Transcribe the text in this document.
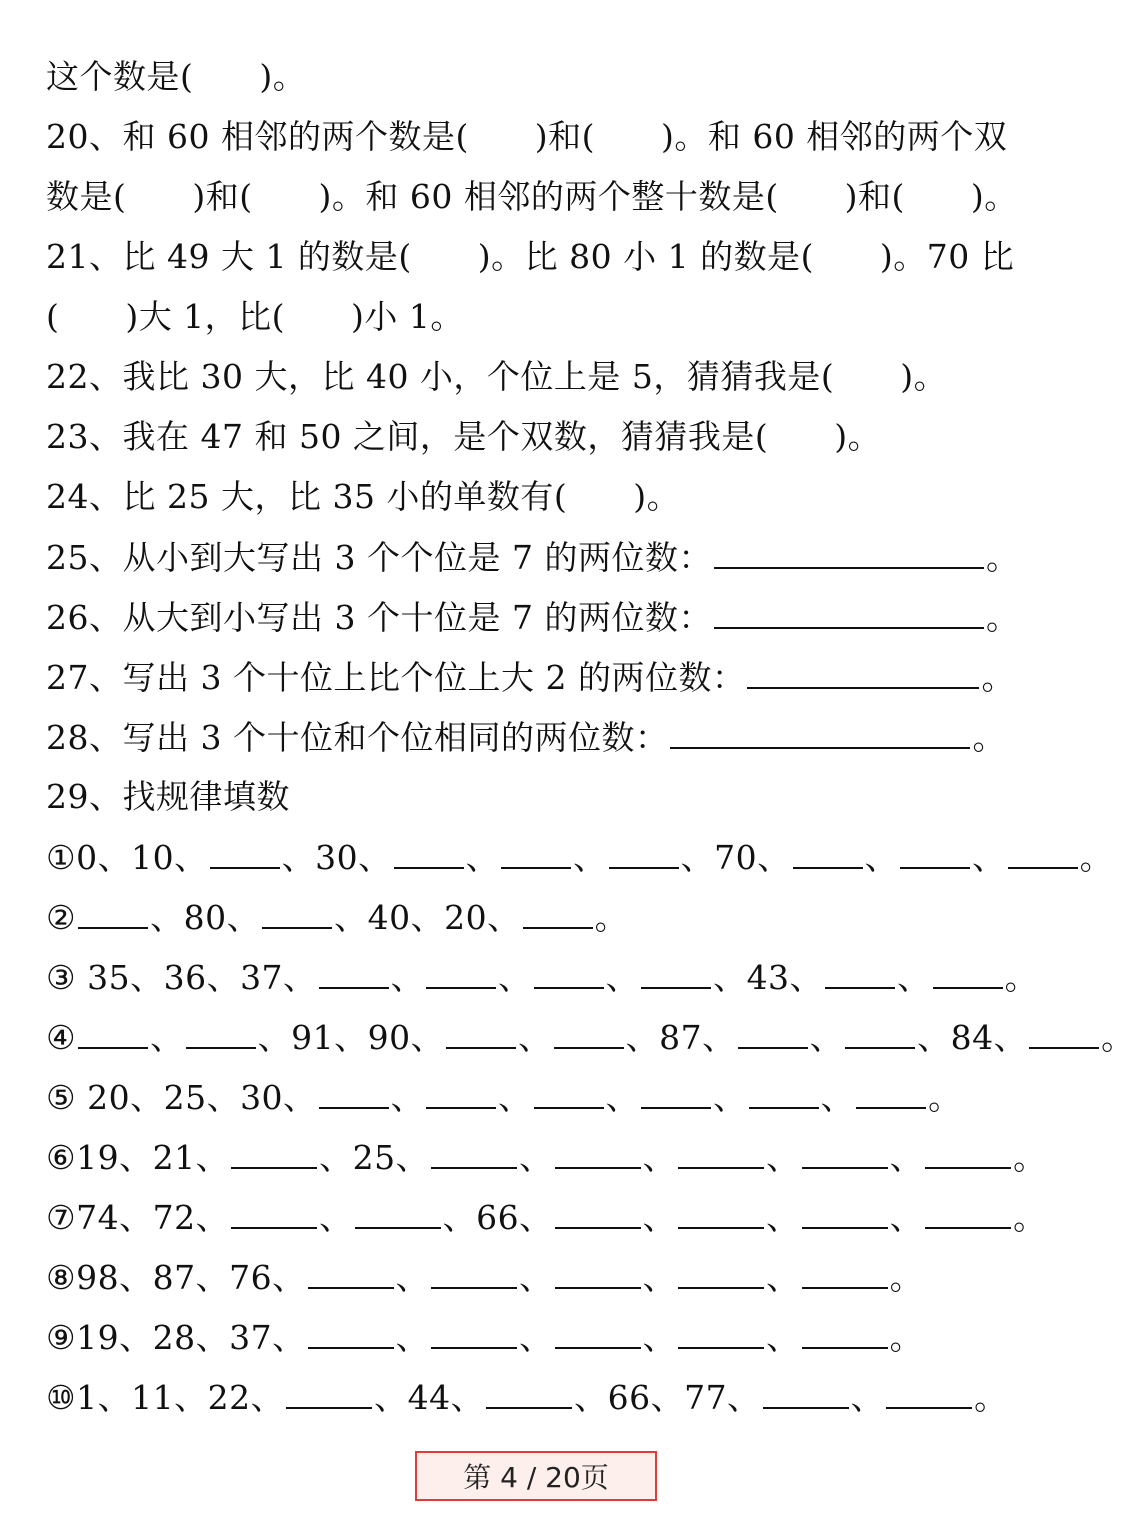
这个数是(      )。
20、和 60 相邻的两个数是(      )和(      )。和 60 相邻的两个双
数是(      )和(      )。和 60 相邻的两个整十数是(      )和(      )。
21、比 49 大 1 的数是(      )。比 80 小 1 的数是(      )。70 比
(      )大 1，比(      )小 1。
22、我比 30 大，比 40 小，个位上是 5，猜猜我是(      )。
23、我在 47 和 50 之间，是个双数，猜猜我是(      )。
24、比 25 大，比 35 小的单数有(      )。
25、从小到大写出 3 个个位是 7 的两位数：	。
26、从大到小写出 3 个十位是 7 的两位数：	。
27、写出 3 个十位上比个位上大 2 的两位数：	。
28、写出 3 个十位和个位相同的两位数：	。
29、找规律填数
①0、10、 、30、 、 、 、70、 、 、 。
② 、80、 、40、20、 。
③ 35、36、37、 、 、 、 、43、 、 。
④ 、 、91、90、 、 、87、 、 、84、 。
⑤ 20、25、30、 、 、 、 、 、 。
⑥19、21、	、25、	、	、	、	、	。
⑦74、72、	、	、66、	、	、	、	。
⑧98、87、76、	、	、	、	、	。
⑨19、28、37、	、	、	、	、	。
⑩1、11、22、	、44、	、66、77、	、	。
第 4 / 20页
